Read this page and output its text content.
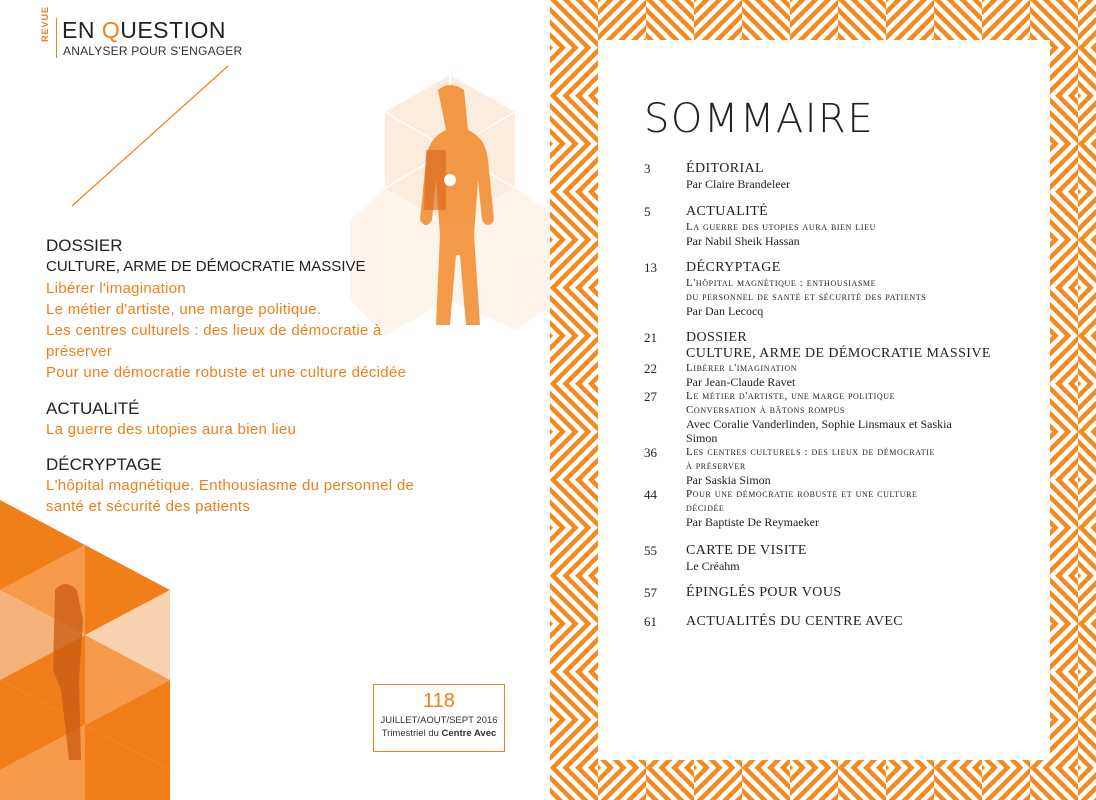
REVUE EN QUESTION
ANALYSER POUR S'ENGAGER
DOSSIER
CULTURE, ARME DE DÉMOCRATIE MASSIVE
Libérer l'imagination
Le métier d'artiste, une marge politique.
Les centres culturels : des lieux de démocratie à
préserver
Pour une démocratie robuste et une culture décidée
ACTUALITÉ
La guerre des utopies aura bien lieu
DÉCRYPTAGE
L'hôpital magnétique. Enthousiasme du personnel de
santé et sécurité des patients
118
JUILLET/AOUT/SEPT 2016
Trimestriel du Centre Avec
SOMMAIRE
3	ÉDITORIAL
Par Claire Brandeleer
5	ACTUALITÉ
La guerre des utopies aura bien lieu
Par Nabil Sheik Hassan
13	DÉCRYPTAGE
L'hôpital magnétique : enthousiasme
du personnel de santé et sécurité des patients
Par Dan Lecocq
21	DOSSIER
CULTURE, ARME DE DÉMOCRATIE MASSIVE
22	Libérer l'imagination
Par Jean-Claude Ravet
27	Le métier d'artiste, une marge politique
Conversation à bâtons rompus
Avec Coralie Vanderlinden, Sophie Linsmaux et Saskia
Simon
36	Les centres culturels : des lieux de démocratie
à préserver
Par Saskia Simon
44	Pour une démocratie robuste et une culture
décidée
Par Baptiste De Reymaeker
55	CARTE DE VISITE
Le Créahm
57	ÉPINGLÉS POUR VOUS
61	ACTUALITÉS DU CENTRE AVEC
